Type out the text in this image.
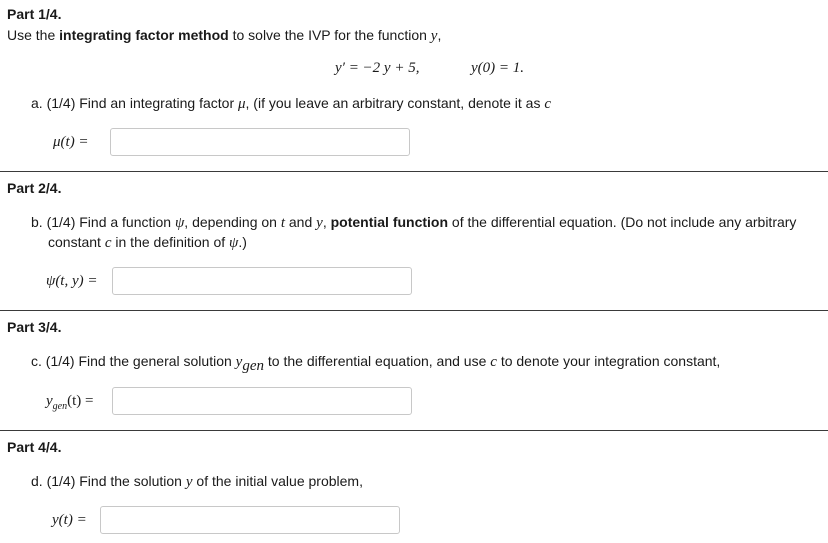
Part 1/4.
Use the integrating factor method to solve the IVP for the function y,
y′ = −2 y + 5,	y(0) = 1.
a. (1/4) Find an integrating factor μ, (if you leave an arbitrary constant, denote it as c
μ(t) =
Part 2/4.
b. (1/4) Find a function ψ, depending on t and y, potential function of the differential equation. (Do not include any arbitrary
constant c in the definition of ψ.)
ψ(t, y) =
Part 3/4.
c. (1/4) Find the general solution $y_{gen}$ to the differential equation, and use c to denote your integration constant,
$y_{gen}(t)$ =
Part 4/4.
d. (1/4) Find the solution y of the initial value problem,
y(t) =
